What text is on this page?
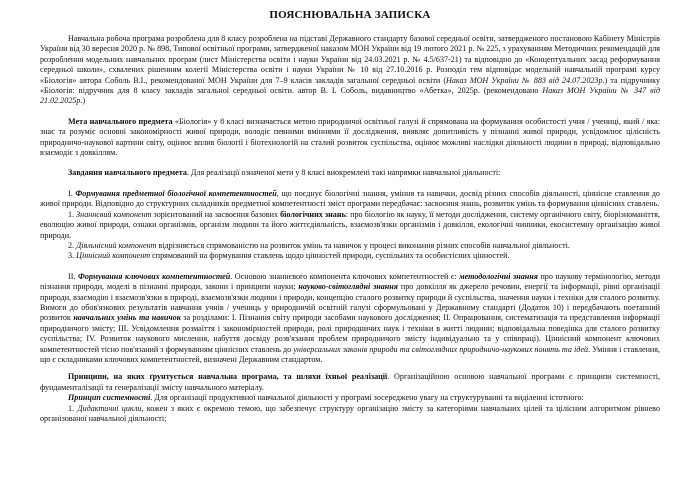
ПОЯСНЮВАЛЬНА ЗАПИСКА

Навчальна робоча програма розроблена для 8 класу розроблена на підставі Державного стандарту базової середньої освіти, затвердженого постановою Кабінету Міністрів України від 30 вересня 2020 р. № 898, Типової освітньої програми, затвердженої наказом МОН України від 19 лютого 2021 р. № 225, з урахуванням Методичних рекомендацій для розроблення модельних навчальних програм (лист Міністерства освіти і науки України від 24.03.2021 р. № 4.5/637-21) та відповідно до «Концептуальних засад реформування середньої школи», схвалених рішенням колегії Міністерства освіти і науки України № 10 від 27.10.2016 р. Розподіл тем відповідає модельній навчальній програмі курсу «Біологія» автора Соболь В.І., рекомендованої МОН України для 7–9 класів закладів загальної середньої освіти (Наказ МОН України № 883 від 24.07.2023р.) та підручнику «Біологія: підручник для 8 класу закладів загальної середньої освіти. автор В. І. Соболь, видавництво «Абетка», 2025р. (рекомендовано Наказ МОН України № 347 від 21.02.2025р.)

Мета навчального предмета «Біологія» у 8 класі визначається метою природничої освітньої галузі й спрямована на формування особистості учня / учениці, який / яка: знає та розуміє основні закономірності живої природи, володіє певними вміннями її дослідження, виявляє допитливість у пізнанні живої природи, усвідомлює цілісність природничо-наукової картини світу, оцінює вплив біології і біотехнологій на сталий розвиток суспільства, оцінює можливі наслідки діяльності людини в природі, відповідально взаємодіє з довкіллям.

Завдання навчального предмета. Для реалізації означеної мети у 8 класі виокремлені такі напрямки навчальної діяльності:

І. Формування предметної біологічної компетентностей, що поєднує біологічні знання, уміння та навички, досвід різних способів діяльності, ціннісне ставлення до живої природи. Відповідно до структурних складників предметної компетентності зміст програми передбачає: засвоєння знань, розвиток умінь та формування ціннісних ставлень.

1. Знаннєвий компонент зорієнтований на засвоєння базових біологічних знань: про біологію як науку, її методи дослідження, систему органічного світу, біорізноманіття, еволюцію живої природи, ознаки організмів, організм людини та його життєдіяльність, взаємозв'язки організмів і довкілля, екологічні чинники, екосистемну організацію живої природи.

2. Діяльнісний компонент відрізняється спрямованістю на розвиток умінь та навичок у процесі виконання різних способів навчальної діяльності.

3. Ціннісний компонент спрямований на формування ставлень щодо цінностей природи, суспільних та особистісних цінностей.

ІІ. Формування ключових компетентностей. Основою знаннєвого компонента ключових компетентностей є: методологічні знання про наукову термінологію, методи пізнання природи, моделі в пізнанні природи, закони і принципи науки; науково-світоглядні знання про довкілля як джерело речовин, енергії та інформації, рівні організації природи, взаємодію і взаємозв'язки в природі, взаємозв'язки людини і природи, концепцію сталого розвитку природи й суспільства, значення науки і техніки для сталого розвитку. Вимоги до обов'язкових результатів навчання учнів / учениць у природничій освітній галузі сформульовані у Державному стандарті (Додаток 10) і передбачають поетапний розвиток навчальних умінь та навичок за розділами: І. Пізнання світу природи засобами наукового дослідження; ІІ. Опрацювання, систематизація та представлення інформації природничого змісту; ІІІ. Усвідомлення розмаїття і закономірностей природи, ролі природничих наук і техніки в житті людини; відповідальна поведінка для сталого розвитку суспільства; IV. Розвиток наукового мислення, набуття досвіду розв'язання проблем природничого змісту індивідуально та у співпраці). Ціннісний компонент ключових компетентностей тісно пов'язаний з формуванням ціннісних ставлень до універсальних законів природи та світоглядних природничо-наукових понять та ідей. Уміння і ставлення, що є складниками ключових компетентностей, визначені Державним стандартом.

Принципи, на яких ґрунтується навчальна програма, та шляхи їхньої реалізації. Організаційною основою навчальної програми є принципи системності, фундаменталізації та генералізації змісту навчального матеріалу.

Принцип системності. Для організації продуктивної навчальної діяльності у програмі зосереджено увагу на структуруванні та виділенні істотного:

1. Дидактичні цикли, кожен з яких є окремою темою, що забезпечує структуру організацію змісту за категоріями навчальних цілей та цілісним алгоритмом рівнево організованої навчальної діяльності;
